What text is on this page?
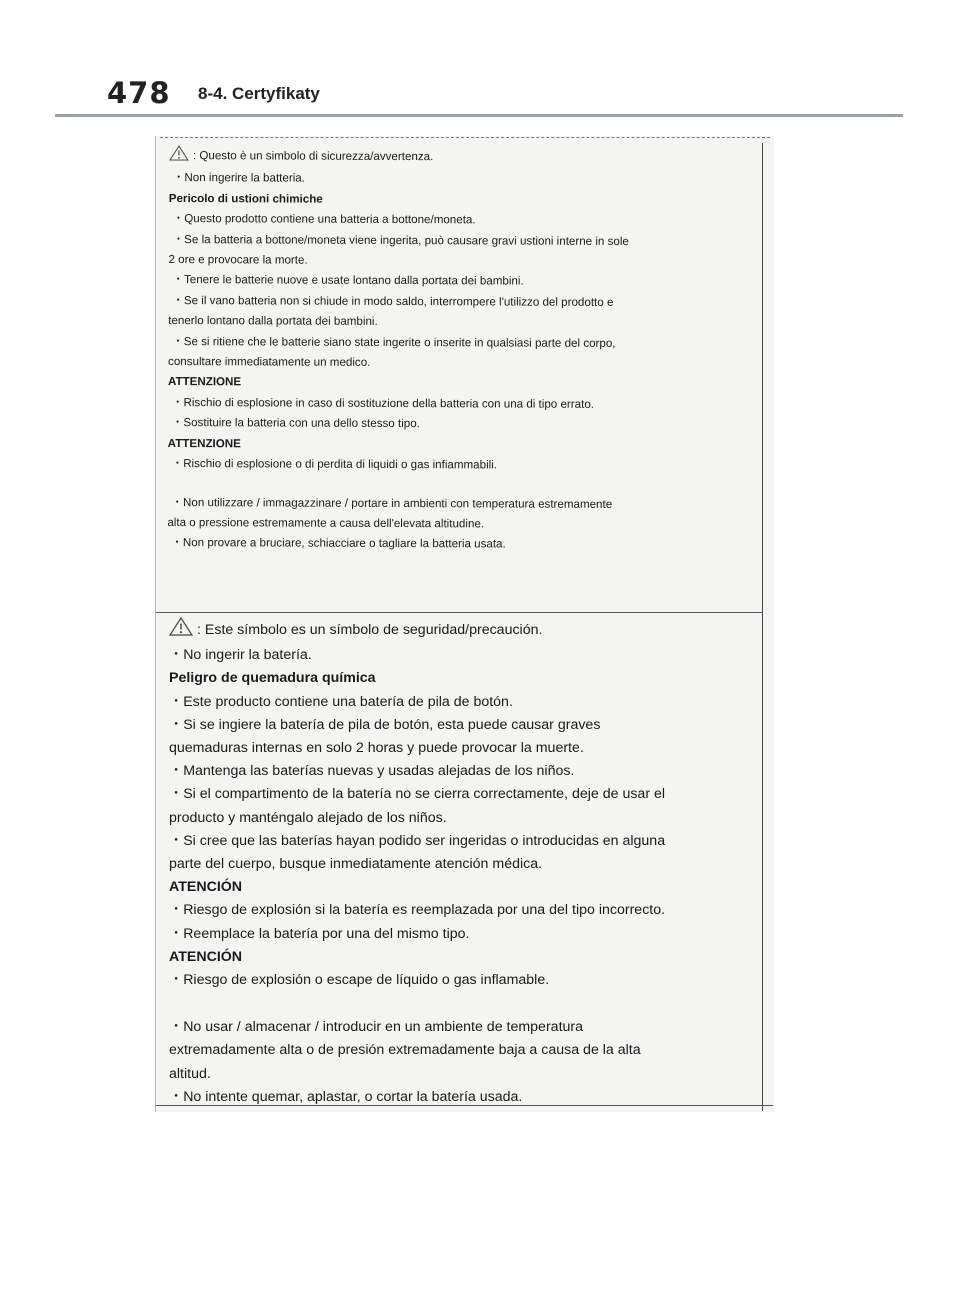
478 8-4. Certyfikaty
: Questo è un simbolo di sicurezza/avvertenza.
・Non ingerire la batteria.
Pericolo di ustioni chimiche
・Questo prodotto contiene una batteria a bottone/moneta.
・Se la batteria a bottone/moneta viene ingerita, può causare gravi ustioni interne in sole
2 ore e provocare la morte.
・Tenere le batterie nuove e usate lontano dalla portata dei bambini.
・Se il vano batteria non si chiude in modo saldo, interrompere l'utilizzo del prodotto e
tenerlo lontano dalla portata dei bambini.
・Se si ritiene che le batterie siano state ingerite o inserite in qualsiasi parte del corpo,
consultare immediatamente un medico.
ATTENZIONE
・Rischio di esplosione in caso di sostituzione della batteria con una di tipo errato.
・Sostituire la batteria con una dello stesso tipo.
ATTENZIONE
・Rischio di esplosione o di perdita di liquidi o gas infiammabili.
・Non utilizzare / immagazzinare / portare in ambienti con temperatura estremamente
alta o pressione estremamente a causa dell'elevata altitudine.
・Non provare a bruciare, schiacciare o tagliare la batteria usata.
: Este símbolo es un símbolo de seguridad/precaución.
・No ingerir la batería.
Peligro de quemadura química
・Este producto contiene una batería de pila de botón.
・Si se ingiere la batería de pila de botón, esta puede causar graves
quemaduras internas en solo 2 horas y puede provocar la muerte.
・Mantenga las baterías nuevas y usadas alejadas de los niños.
・Si el compartimento de la batería no se cierra correctamente, deje de usar el
producto y manténgalo alejado de los niños.
・Si cree que las baterías hayan podido ser ingeridas o introducidas en alguna
parte del cuerpo, busque inmediatamente atención médica.
ATENCIÓN
・Riesgo de explosión si la batería es reemplazada por una del tipo incorrecto.
・Reemplace la batería por una del mismo tipo.
ATENCIÓN
・Riesgo de explosión o escape de líquido o gas inflamable.
・No usar / almacenar / introducir en un ambiente de temperatura
extremadamente alta o de presión extremadamente baja a causa de la alta
altitud.
・No intente quemar, aplastar, o cortar la batería usada.
